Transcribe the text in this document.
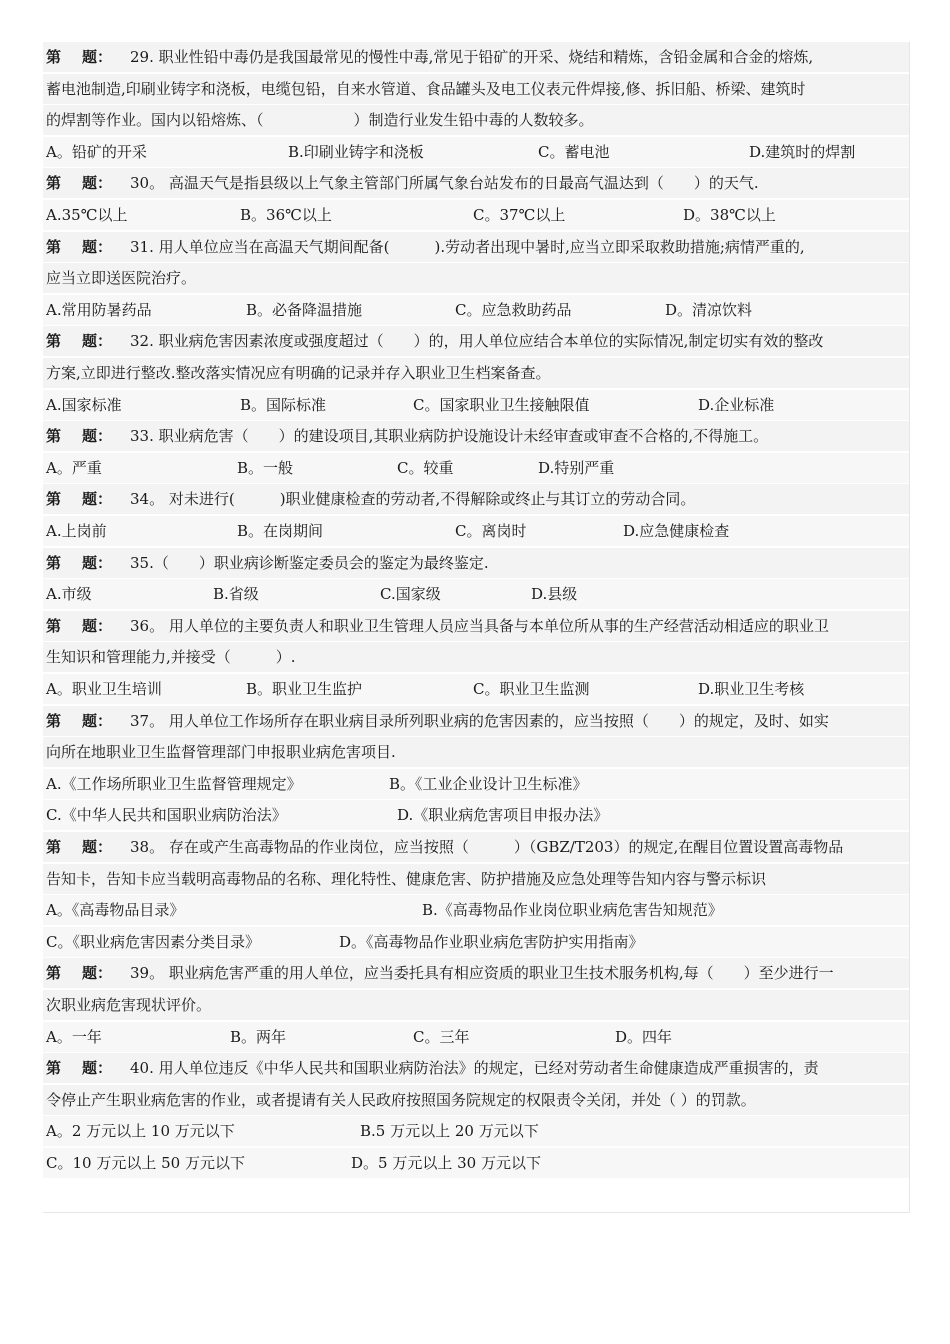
第 题： 29. 职业性铅中毒仍是我国最常见的慢性中毒,常见于铅矿的开采、烧结和精炼，含铅金属和合金的熔炼,
蓄电池制造,印刷业铸字和浇板，电缆包铅，自来水管道、食品罐头及电工仪表元件焊接,修、拆旧船、桥梁、建筑时
的焊割等作业。国内以铅熔炼、（　　　　　　）制造行业发生铅中毒的人数较多。
A。铅矿的开采	B.印刷业铸字和浇板	C。蓄电池	D.建筑时的焊割
第 题： 30。 高温天气是指县级以上气象主管部门所属气象台站发布的日最高气温达到（　　）的天气.
A.35℃以上	B。36℃以上	C。37℃以上	D。38℃以上
第 题： 31. 用人单位应当在高温天气期间配备(　　　).劳动者出现中暑时,应当立即采取救助措施;病情严重的,
应当立即送医院治疗。
A.常用防暑药品	B。必备降温措施	C。应急救助药品	D。清凉饮料
第 题： 32. 职业病危害因素浓度或强度超过（　　）的，用人单位应结合本单位的实际情况,制定切实有效的整改
方案,立即进行整改.整改落实情况应有明确的记录并存入职业卫生档案备查。
A.国家标准	B。国际标准	C。国家职业卫生接触限值	D.企业标准
第 题： 33. 职业病危害（　　）的建设项目,其职业病防护设施设计未经审查或审查不合格的,不得施工。
A。严重	B。一般	C。较重	D.特别严重
第 题： 34。 对未进行(　　　)职业健康检查的劳动者,不得解除或终止与其订立的劳动合同。
A.上岗前	B。在岗期间	C。离岗时	D.应急健康检查
第 题： 35.（　　）职业病诊断鉴定委员会的鉴定为最终鉴定.
A.市级	B.省级	C.国家级	D.县级
第 题： 36。 用人单位的主要负责人和职业卫生管理人员应当具备与本单位所从事的生产经营活动相适应的职业卫
生知识和管理能力,并接受（　　　）.
A。职业卫生培训	B。职业卫生监护	C。职业卫生监测	D.职业卫生考核
第 题： 37。 用人单位工作场所存在职业病目录所列职业病的危害因素的，应当按照（　　）的规定，及时、如实
向所在地职业卫生监督管理部门申报职业病危害项目.
A.《工作场所职业卫生监督管理规定》	B。《工业企业设计卫生标准》
C.《中华人民共和国职业病防治法》	D.《职业病危害项目申报办法》
第 题： 38。 存在或产生高毒物品的作业岗位，应当按照（　　　）（GBZ/T203）的规定,在醒目位置设置高毒物品
告知卡，告知卡应当载明高毒物品的名称、理化特性、健康危害、防护措施及应急处理等告知内容与警示标识
A。《高毒物品目录》	B.《高毒物品作业岗位职业病危害告知规范》
C。《职业病危害因素分类目录》	D。《高毒物品作业职业病危害防护实用指南》
第 题： 39。 职业病危害严重的用人单位，应当委托具有相应资质的职业卫生技术服务机构,每（　　）至少进行一
次职业病危害现状评价。
A。一年	B。两年	C。三年	D。四年
第 题： 40. 用人单位违反《中华人民共和国职业病防治法》的规定，已经对劳动者生命健康造成严重损害的，责
令停止产生职业病危害的作业，或者提请有关人民政府按照国务院规定的权限责令关闭，并处（ ）的罚款。
A。2 万元以上 10 万元以下	B.5 万元以上 20 万元以下
C。10 万元以上 50 万元以下	D。5 万元以上 30 万元以下
